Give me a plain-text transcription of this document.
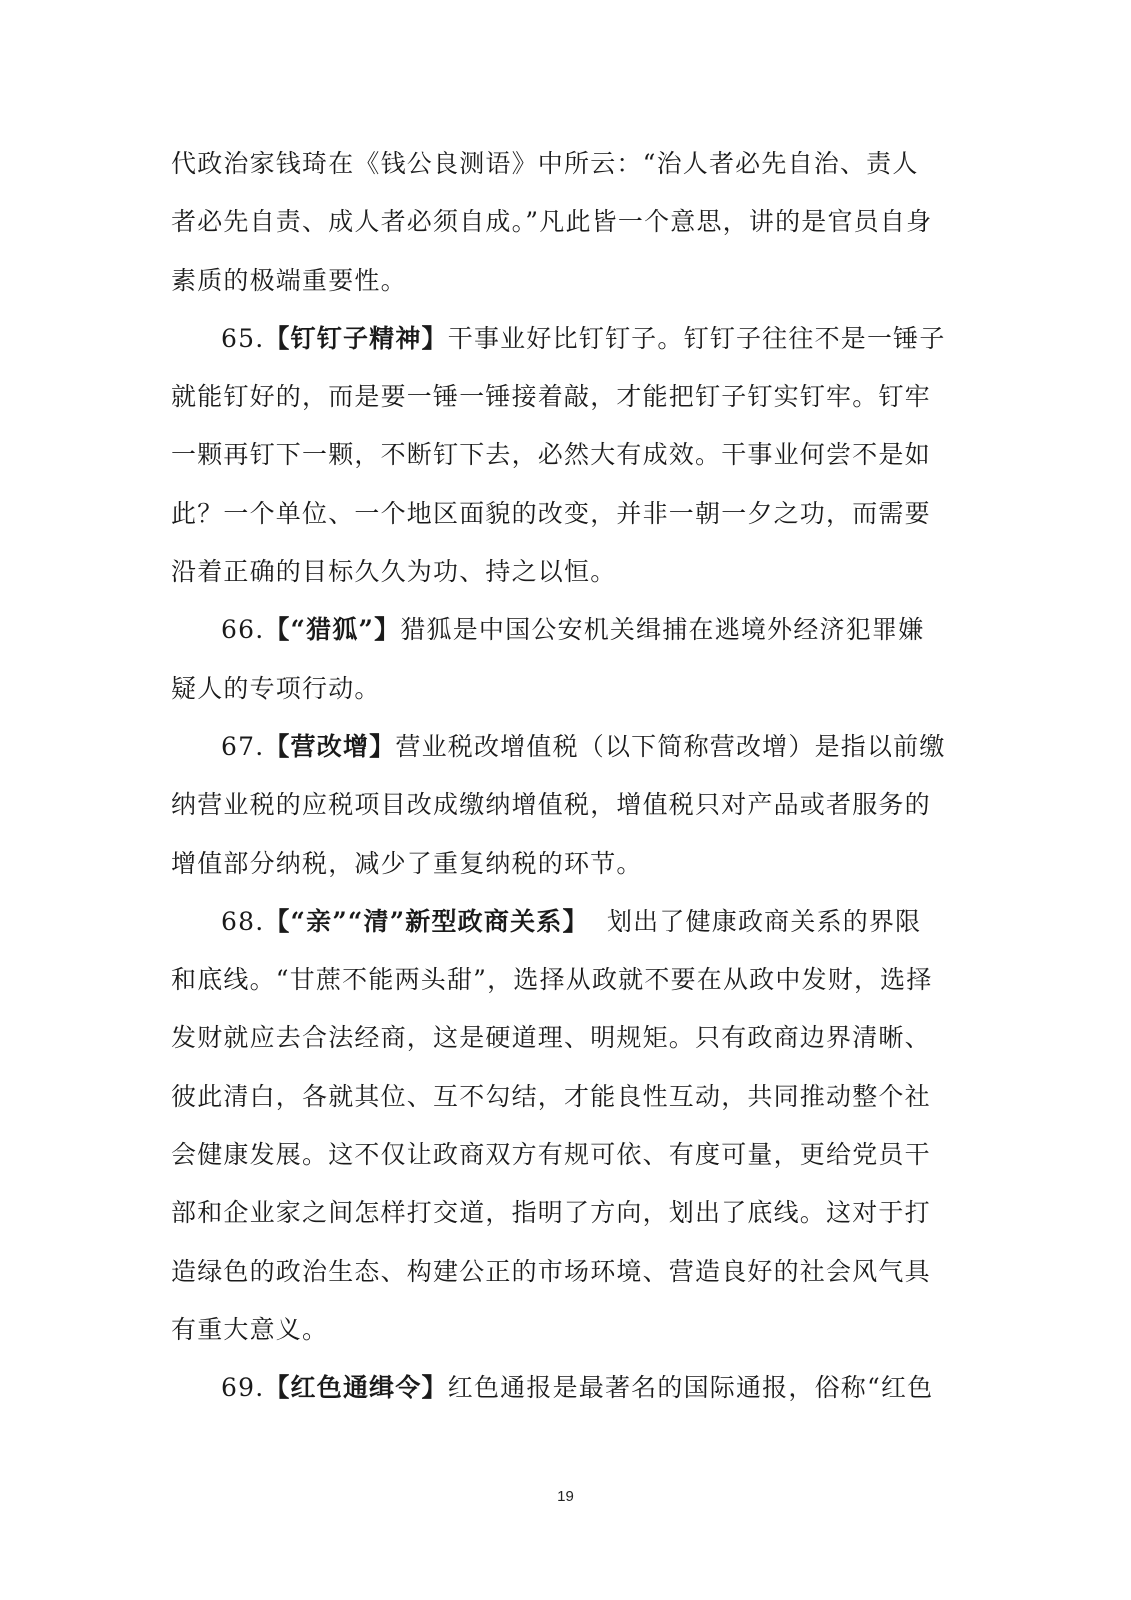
代政治家钱琦在《钱公良测语》中所云：“治人者必先自治、责人
者必先自责、成人者必须自成。”凡此皆一个意思，讲的是官员自身
素质的极端重要性。
65.【钉钉子精神】干事业好比钉钉子。钉钉子往往不是一锤子
就能钉好的，而是要一锤一锤接着敲，才能把钉子钉实钉牢。钉牢
一颗再钉下一颗，不断钉下去，必然大有成效。干事业何尝不是如
此？一个单位、一个地区面貌的改变，并非一朝一夕之功，而需要
沿着正确的目标久久为功、持之以恒。
66.【“猎狐”】猎狐是中国公安机关缉捕在逃境外经济犯罪嫌
疑人的专项行动。
67.【营改增】营业税改增值税（以下简称营改增）是指以前缴
纳营业税的应税项目改成缴纳增值税，增值税只对产品或者服务的
增值部分纳税，减少了重复纳税的环节。
68.【“亲”“清”新型政商关系】  划出了健康政商关系的界限
和底线。“甘蔗不能两头甜”，选择从政就不要在从政中发财，选择
发财就应去合法经商，这是硬道理、明规矩。只有政商边界清晰、
彼此清白，各就其位、互不勾结，才能良性互动，共同推动整个社
会健康发展。这不仅让政商双方有规可依、有度可量，更给党员干
部和企业家之间怎样打交道，指明了方向，划出了底线。这对于打
造绿色的政治生态、构建公正的市场环境、营造良好的社会风气具
有重大意义。
69.【红色通缉令】红色通报是最著名的国际通报，俗称“红色
19
